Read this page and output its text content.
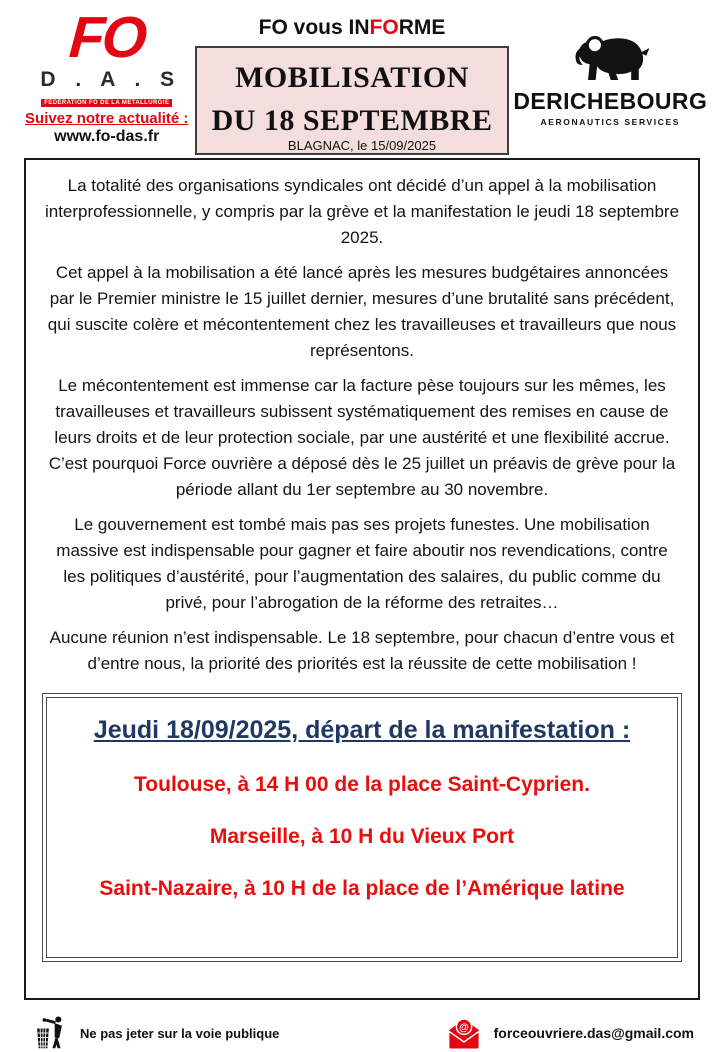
FO
D . A . S
FÉDÉRATION FO DE LA MÉTALLURGIE
Suivez notre actualité :
www.fo-das.fr
FO vous INFORME
MOBILISATION
DU 18 SEPTEMBRE
DERICHEBOURG
AERONAUTICS SERVICES
BLAGNAC, le 15/09/2025

La totalité des organisations syndicales ont décidé d’un appel à la mobilisation interprofessionnelle, y compris par la grève et la manifestation le jeudi 18 septembre 2025.

Cet appel à la mobilisation a été lancé après les mesures budgétaires annoncées par le Premier ministre le 15 juillet dernier, mesures d’une brutalité sans précédent, qui suscite colère et mécontentement chez les travailleuses et travailleurs que nous représentons.

Le mécontentement est immense car la facture pèse toujours sur les mêmes, les travailleuses et travailleurs subissent systématiquement des remises en cause de leurs droits et de leur protection sociale, par une austérité et une flexibilité accrue. C’est pourquoi Force ouvrière a déposé dès le 25 juillet un préavis de grève pour la période allant du 1er septembre au 30 novembre.

Le gouvernement est tombé mais pas ses projets funestes. Une mobilisation massive est indispensable pour gagner et faire aboutir nos revendications, contre les politiques d’austérité, pour l’augmentation des salaires, du public comme du privé, pour l’abrogation de la réforme des retraites…

Aucune réunion n’est indispensable. Le 18 septembre, pour chacun d’entre vous et d’entre nous, la priorité des priorités est la réussite de cette mobilisation !

Jeudi 18/09/2025, départ de la manifestation :
Toulouse, à 14 H 00 de la place Saint-Cyprien.
Marseille, à 10 H du Vieux Port
Saint-Nazaire, à 10 H de la place de l’Amérique latine
Ne pas jeter sur la voie publique	@ forceouvriere.das@gmail.com
